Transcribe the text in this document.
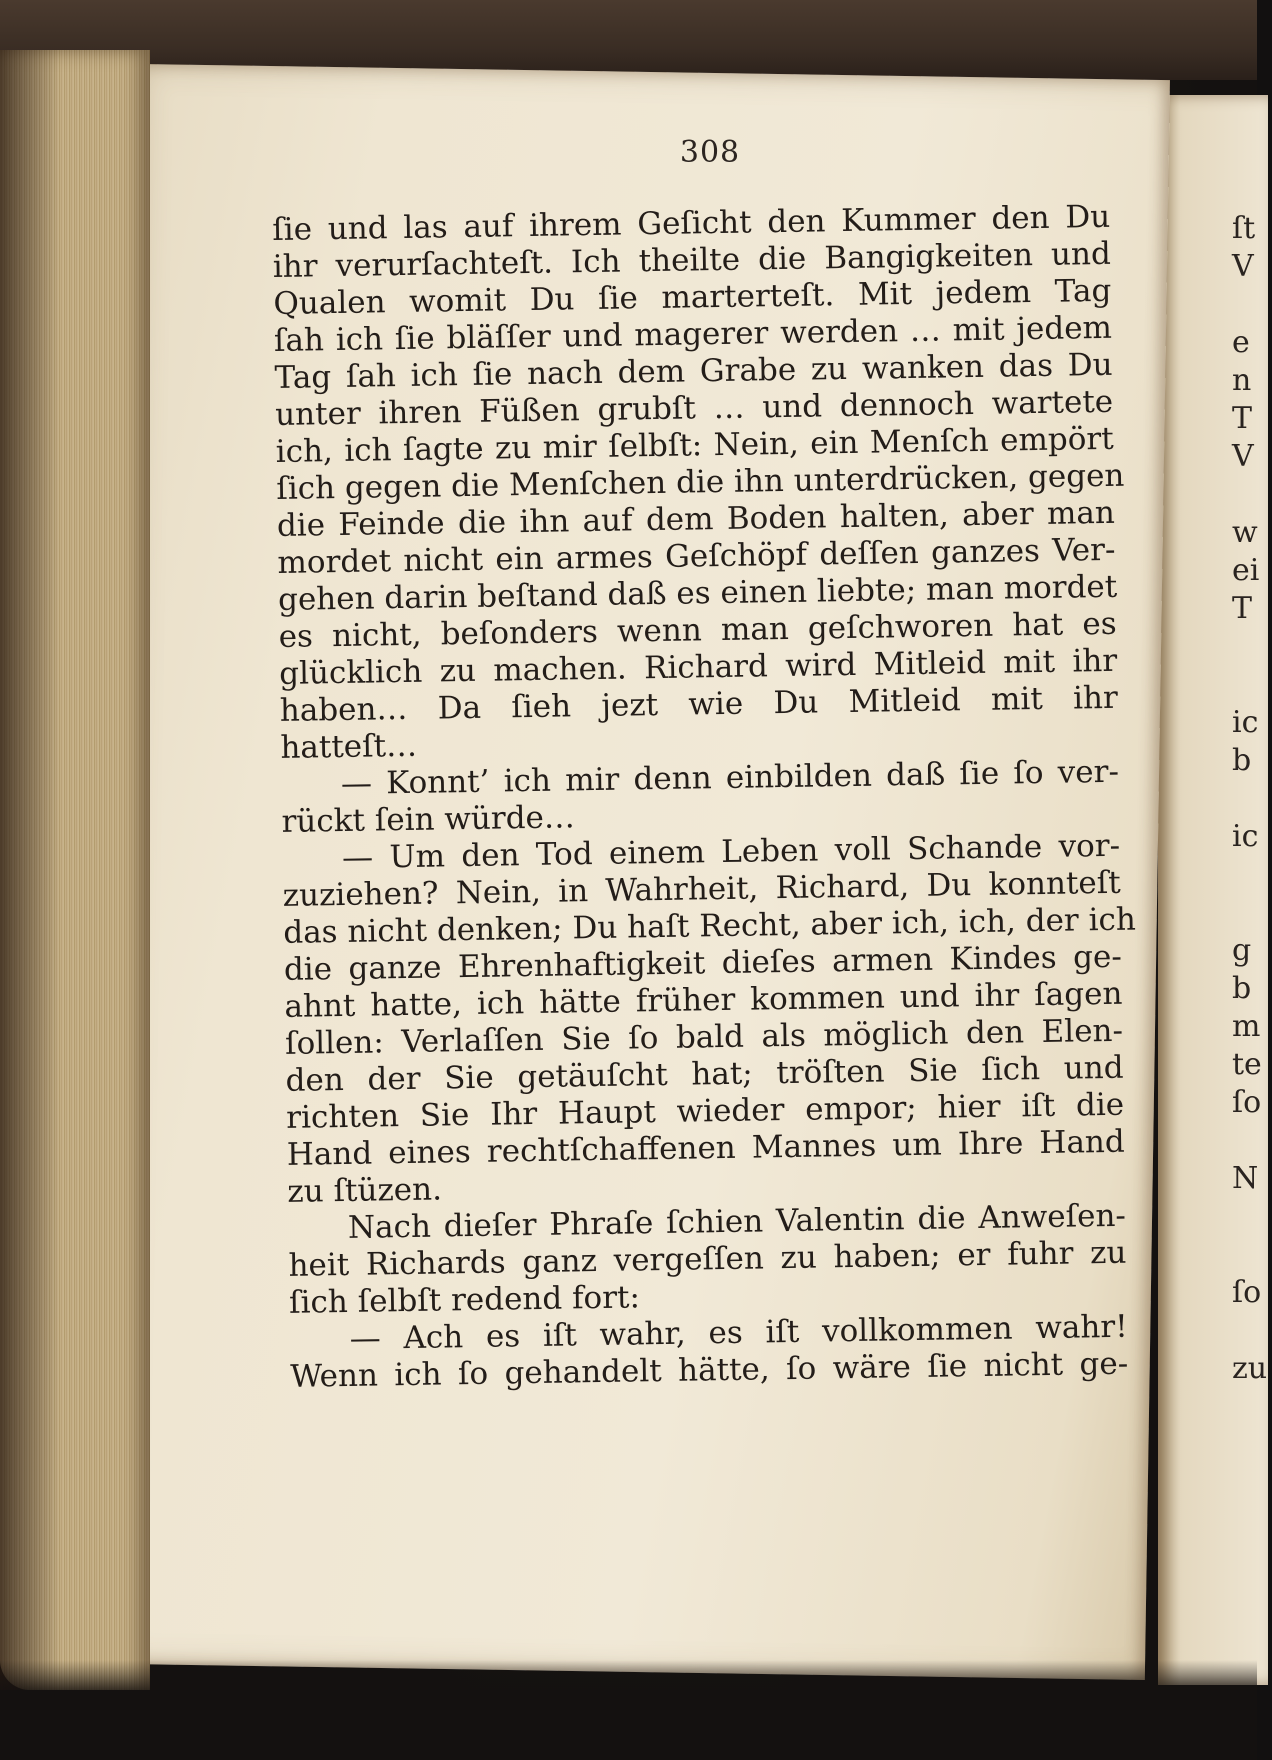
ſt
V
e
n
T
V
w
ei
T
ic
b
ic
g
b
m
te
ſo
N
ſo
zu
308
ſie und las auf ihrem Geſicht den Kummer den Du
ihr verurſachteſt. Ich theilte die Bangigkeiten und
Qualen womit Du ſie marterteſt. Mit jedem Tag
ſah ich ſie bläſſer und magerer werden … mit jedem
Tag ſah ich ſie nach dem Grabe zu wanken das Du
unter ihren Füßen grubſt … und dennoch wartete
ich, ich ſagte zu mir ſelbſt: Nein, ein Menſch empört
ſich gegen die Menſchen die ihn unterdrücken, gegen
die Feinde die ihn auf dem Boden halten, aber man
mordet nicht ein armes Geſchöpf deſſen ganzes Ver-
gehen darin beſtand daß es einen liebte; man mordet
es nicht, beſonders wenn man geſchworen hat es
glücklich zu machen. Richard wird Mitleid mit ihr
haben… Da ſieh jezt wie Du Mitleid mit ihr
hatteſt…
— Konnt’ ich mir denn einbilden daß ſie ſo ver-
rückt ſein würde…
— Um den Tod einem Leben voll Schande vor-
zuziehen? Nein, in Wahrheit, Richard, Du konnteſt
das nicht denken; Du haſt Recht, aber ich, ich, der ich
die ganze Ehrenhaftigkeit dieſes armen Kindes ge-
ahnt hatte, ich hätte früher kommen und ihr ſagen
ſollen: Verlaſſen Sie ſo bald als möglich den Elen-
den der Sie getäuſcht hat; tröſten Sie ſich und
richten Sie Ihr Haupt wieder empor; hier iſt die
Hand eines rechtſchaffenen Mannes um Ihre Hand
zu ſtüzen.
Nach dieſer Phraſe ſchien Valentin die Anweſen-
heit Richards ganz vergeſſen zu haben; er fuhr zu
ſich ſelbſt redend fort:
— Ach es iſt wahr, es iſt vollkommen wahr!
Wenn ich ſo gehandelt hätte, ſo wäre ſie nicht ge-
